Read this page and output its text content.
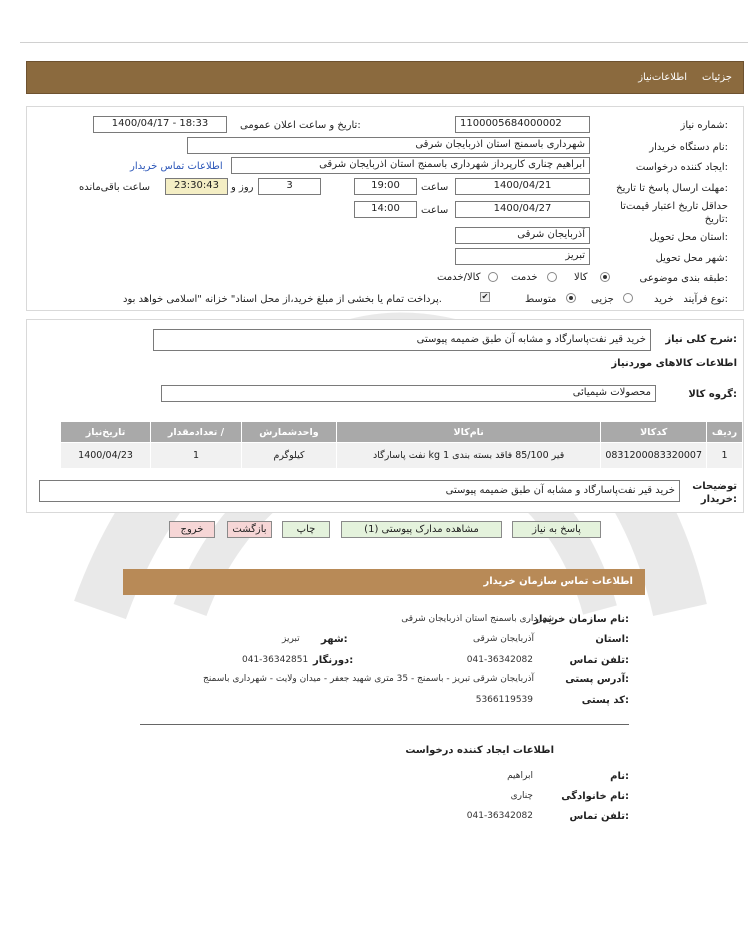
جزئیات
اطلاعات‌نیاز
شماره نیاز:
1100005684000002
تاریخ و ساعت اعلان عمومی:
1400/04/17 - 18:33
نام دستگاه خریدار:
شهرداری باسمنج استان اذربایجان شرقی
ایجاد کننده درخواست:
ابراهیم چناری کارپرداز شهرداری باسمنج استان اذربایجان شرقی
اطلاعات تماس خریدار
مهلت ارسال پاسخ تا تاریخ:
1400/04/21
ساعت
19:00
3
روز و
23:30:43
ساعت باقی‌مانده
حداقل تاریخ اعتبار قیمت‌تا تاریخ:
1400/04/27
ساعت
14:00
استان محل تحویل:
آذربایجان شرقی
شهر محل تحویل:
تبریز
طبقه بندی موضوعی:
کالا
خدمت
کالا/خدمت
نوع فرآیند:
خرید
جزیی
متوسط
✔
پرداخت تمام یا بخشی از مبلغ خرید،از محل اسناد" خزانه "اسلامی خواهد بود.
شرح کلی نیاز:
خرید قیر نفت‌پاسارگاد و مشابه آن طبق ضمیمه پیوستی
اطلاعات کالاهای موردنیاز
گروه کالا:
محصولات شیمیائی
تاریخ‌نیاز	تعدادمقدار /	واحدشمارش	نام‌کالا	کدکالا	ردیف
1400/04/23	1	کیلوگرم	قیر 85/100 فاقد بسته بندی 1 kg نفت پاسارگاد	0831200083320007	1
توضیحات خریدار:
خرید قیر نفت‌پاسارگاد و مشابه آن طبق ضمیمه پیوستی
پاسخ به نیاز
مشاهده مدارک پیوستی (1)
چاپ
بازگشت
خروج
اطلاعات تماس سازمان خریدار
نام سازمان خریدار:
شهرداری باسمنج استان اذربایجان شرقی
استان:
آذربایجان شرقی
شهر:
تبریز
تلفن تماس:
041-36342082
دورنگار:
041-36342851
آدرس پستی:
آذربایجان شرقی تبریز - باسمنج - 35 متری شهید جعفر - میدان ولایت - شهرداری باسمنج
کد پستی:
5366119539
اطلاعات ایجاد کننده درخواست
نام:
ابراهیم
نام خانوادگی:
چناری
تلفن تماس:
041-36342082
